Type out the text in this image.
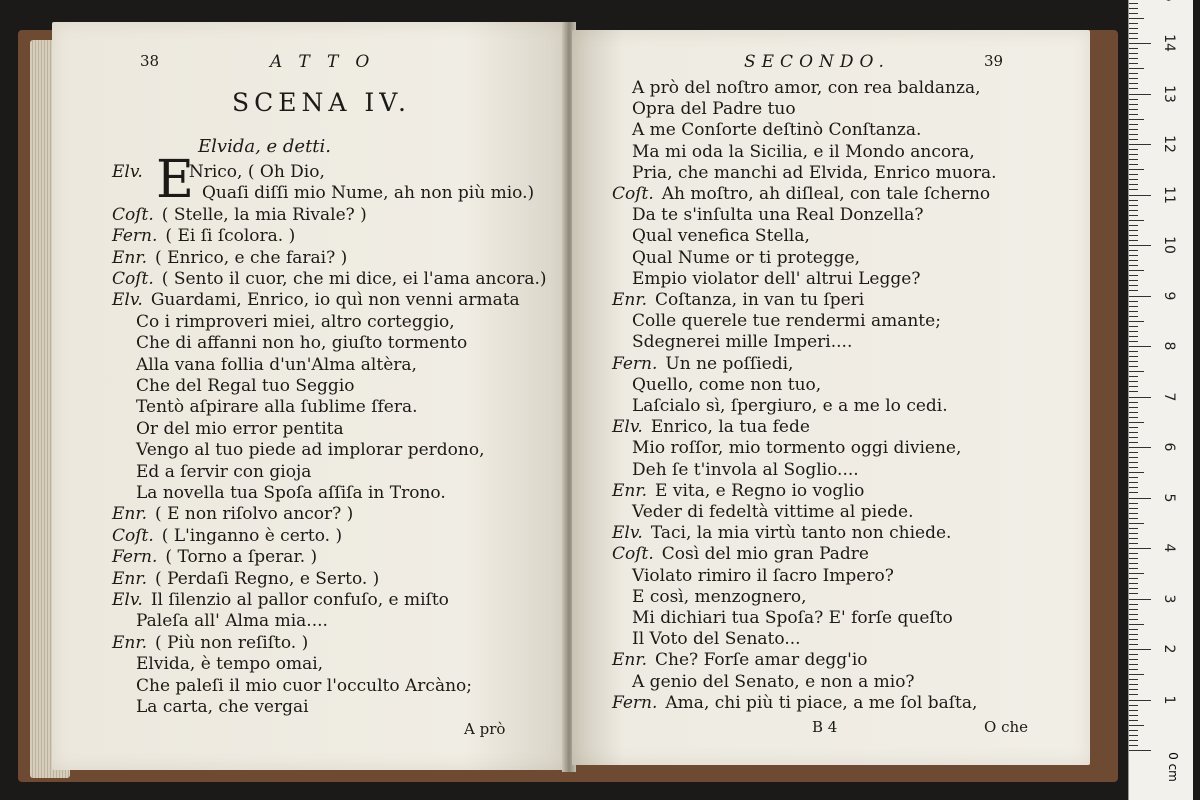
38	ATTO
SCENA IV.
Elvida, e detti.
E
Elv.	Nrico, ( Oh Dio,
Quaſi diſſi mio Nume, ah non più mio.)
Coſt. ( Stelle, la mia Rivale? )
Fern. ( Ei ſi ſcolora. )
Enr. ( Enrico, e che farai? )
Coſt. ( Sento il cuor, che mi dice, ei l'ama ancora.)
Elv. Guardami, Enrico, io quì non venni armata
Co i rimproveri miei, altro corteggio,
Che di affanni non ho, giuſto tormento
Alla vana follia d'un'Alma altèra,
Che del Regal tuo Seggio
Tentò aſpirare alla ſublime ſfera.
Or del mio error pentita
Vengo al tuo piede ad implorar perdono,
Ed a ſervir con gioja
La novella tua Spoſa aſſiſa in Trono.
Enr. ( E non riſolvo ancor? )
Coſt. ( L'inganno è certo. )
Fern. ( Torno a ſperar. )
Enr. ( Perdaſi Regno, e Serto. )
Elv. Il ſilenzio al pallor confuſo, e miſto
Paleſa all' Alma mia....
Enr. ( Più non reſiſto. )
Elvida, è tempo omai,
Che paleſi il mio cuor l'occulto Arcàno;
La carta, che vergai
A prò
SECONDO.	39
A prò del noſtro amor, con rea baldanza,
Opra del Padre tuo
A me Conſorte deſtinò Conſtanza.
Ma mi oda la Sicilia, e il Mondo ancora,
Pria, che manchi ad Elvida, Enrico muora.
Coſt. Ah moſtro, ah diſleal, con tale ſcherno
Da te s'inſulta una Real Donzella?
Qual venefica Stella,
Qual Nume or ti protegge,
Empio violator dell' altrui Legge?
Enr. Coſtanza, in van tu ſperi
Colle querele tue rendermi amante;
Sdegnerei mille Imperi....
Fern. Un ne poſſiedi,
Quello, come non tuo,
Laſcialo sì, ſpergiuro, e a me lo cedi.
Elv. Enrico, la tua fede
Mio roſſor, mio tormento oggi diviene,
Deh ſe t'invola al Soglio....
Enr. E vita, e Regno io voglio
Veder di fedeltà vittime al piede.
Elv. Taci, la mia virtù tanto non chiede.
Coſt. Così del mio gran Padre
Violato rimiro il ſacro Impero?
E così, menzognero,
Mi dichiari tua Spoſa? E' forſe queſto
Il Voto del Senato...
Enr. Che? Forſe amar degg'io
A genio del Senato, e non a mio?
Fern. Ama, chi più ti piace, a me ſol baſta,
B 4	O che
1
2
3
4
5
6
7
8
9
10
11
12
13
14
0 cm
